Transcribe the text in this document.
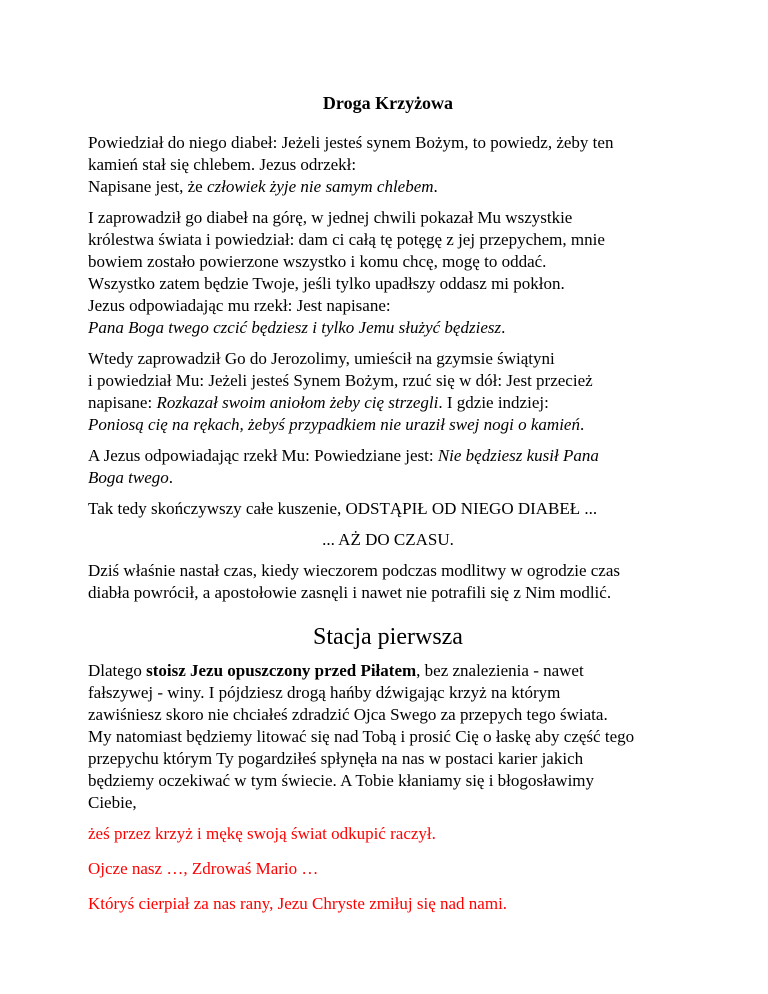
Droga Krzyżowa

Powiedział do niego diabeł: Jeżeli jesteś synem Bożym, to powiedz, żeby ten
kamień stał się chlebem. Jezus odrzekł:
Napisane jest, że człowiek żyje nie samym chlebem.

I zaprowadził go diabeł na górę, w jednej chwili pokazał Mu wszystkie
królestwa świata i powiedział: dam ci całą tę potęgę z jej przepychem, mnie
bowiem zostało powierzone wszystko i komu chcę, mogę to oddać.
Wszystko zatem będzie Twoje, jeśli tylko upadłszy oddasz mi pokłon.
Jezus odpowiadając mu rzekł: Jest napisane:
Pana Boga twego czcić będziesz i tylko Jemu służyć będziesz.

Wtedy zaprowadził Go do Jerozolimy, umieścił na gzymsie świątyni
i powiedział Mu: Jeżeli jesteś Synem Bożym, rzuć się w dół: Jest przecież
napisane: Rozkazał swoim aniołom żeby cię strzegli. I gdzie indziej:
Poniosą cię na rękach, żebyś przypadkiem nie uraził swej nogi o kamień.

A Jezus odpowiadając rzekł Mu: Powiedziane jest: Nie będziesz kusił Pana
Boga twego.

Tak tedy skończywszy całe kuszenie, ODSTĄPIŁ OD NIEGO DIABEŁ ...

... AŻ DO CZASU.

Dziś właśnie nastał czas, kiedy wieczorem podczas modlitwy w ogrodzie czas
diabła powrócił, a apostołowie zasnęli i nawet nie potrafili się z Nim modlić.

Stacja pierwsza

Dlatego stoisz Jezu opuszczony przed Piłatem, bez znalezienia - nawet
fałszywej - winy. I pójdziesz drogą hańby dźwigając krzyż na którym
zawiśniesz skoro nie chciałeś zdradzić Ojca Swego za przepych tego świata.
My natomiast będziemy litować się nad Tobą i prosić Cię o łaskę aby część tego
przepychu którym Ty pogardziłeś spłynęła na nas w postaci karier jakich
będziemy oczekiwać w tym świecie. A Tobie kłaniamy się i błogosławimy
Ciebie,

żeś przez krzyż i mękę swoją świat odkupić raczył.

Ojcze nasz …, Zdrowaś Mario …

Któryś cierpiał za nas rany, Jezu Chryste zmiłuj się nad nami.
